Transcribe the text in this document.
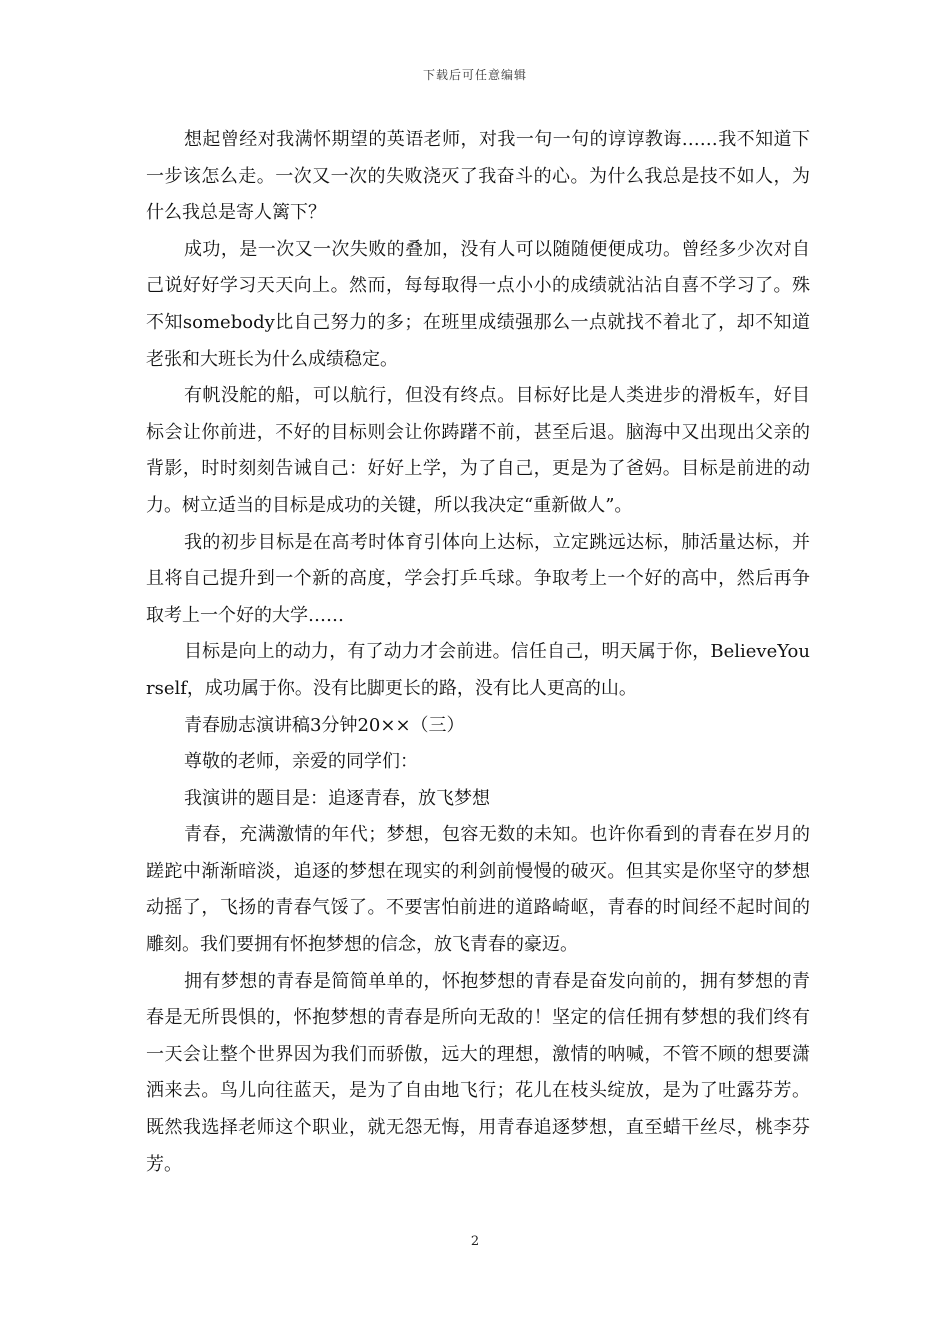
下载后可任意编辑

想起曾经对我满怀期望的英语老师，对我一句一句的谆谆教诲……我不知道下一步该怎么走。一次又一次的失败浇灭了我奋斗的心。为什么我总是技不如人，为什么我总是寄人篱下？

成功，是一次又一次失败的叠加，没有人可以随随便便成功。曾经多少次对自己说好好学习天天向上。然而，每每取得一点小小的成绩就沾沾自喜不学习了。殊不知somebody比自己努力的多；在班里成绩强那么一点就找不着北了，却不知道老张和大班长为什么成绩稳定。

有帆没舵的船，可以航行，但没有终点。目标好比是人类进步的滑板车，好目标会让你前进，不好的目标则会让你踌躇不前，甚至后退。脑海中又出现出父亲的背影，时时刻刻告诫自己：好好上学，为了自己，更是为了爸妈。目标是前进的动力。树立适当的目标是成功的关键，所以我决定“重新做人”。

我的初步目标是在高考时体育引体向上达标，立定跳远达标，肺活量达标，并且将自己提升到一个新的高度，学会打乒乓球。争取考上一个好的高中，然后再争取考上一个好的大学……

目标是向上的动力，有了动力才会前进。信任自己，明天属于你，BelieveYourself，成功属于你。没有比脚更长的路，没有比人更高的山。

青春励志演讲稿3分钟20××（三）

尊敬的老师，亲爱的同学们：

我演讲的题目是：追逐青春，放飞梦想

青春，充满激情的年代；梦想，包容无数的未知。也许你看到的青春在岁月的蹉跎中渐渐暗淡，追逐的梦想在现实的利剑前慢慢的破灭。但其实是你坚守的梦想动摇了，飞扬的青春气馁了。不要害怕前进的道路崎岖，青春的时间经不起时间的雕刻。我们要拥有怀抱梦想的信念，放飞青春的豪迈。

拥有梦想的青春是简简单单的，怀抱梦想的青春是奋发向前的，拥有梦想的青春是无所畏惧的，怀抱梦想的青春是所向无敌的！坚定的信任拥有梦想的我们终有一天会让整个世界因为我们而骄傲，远大的理想，激情的呐喊，不管不顾的想要潇洒来去。鸟儿向往蓝天，是为了自由地飞行；花儿在枝头绽放，是为了吐露芬芳。既然我选择老师这个职业，就无怨无悔，用青春追逐梦想，直至蜡干丝尽，桃李芬芳。

2
